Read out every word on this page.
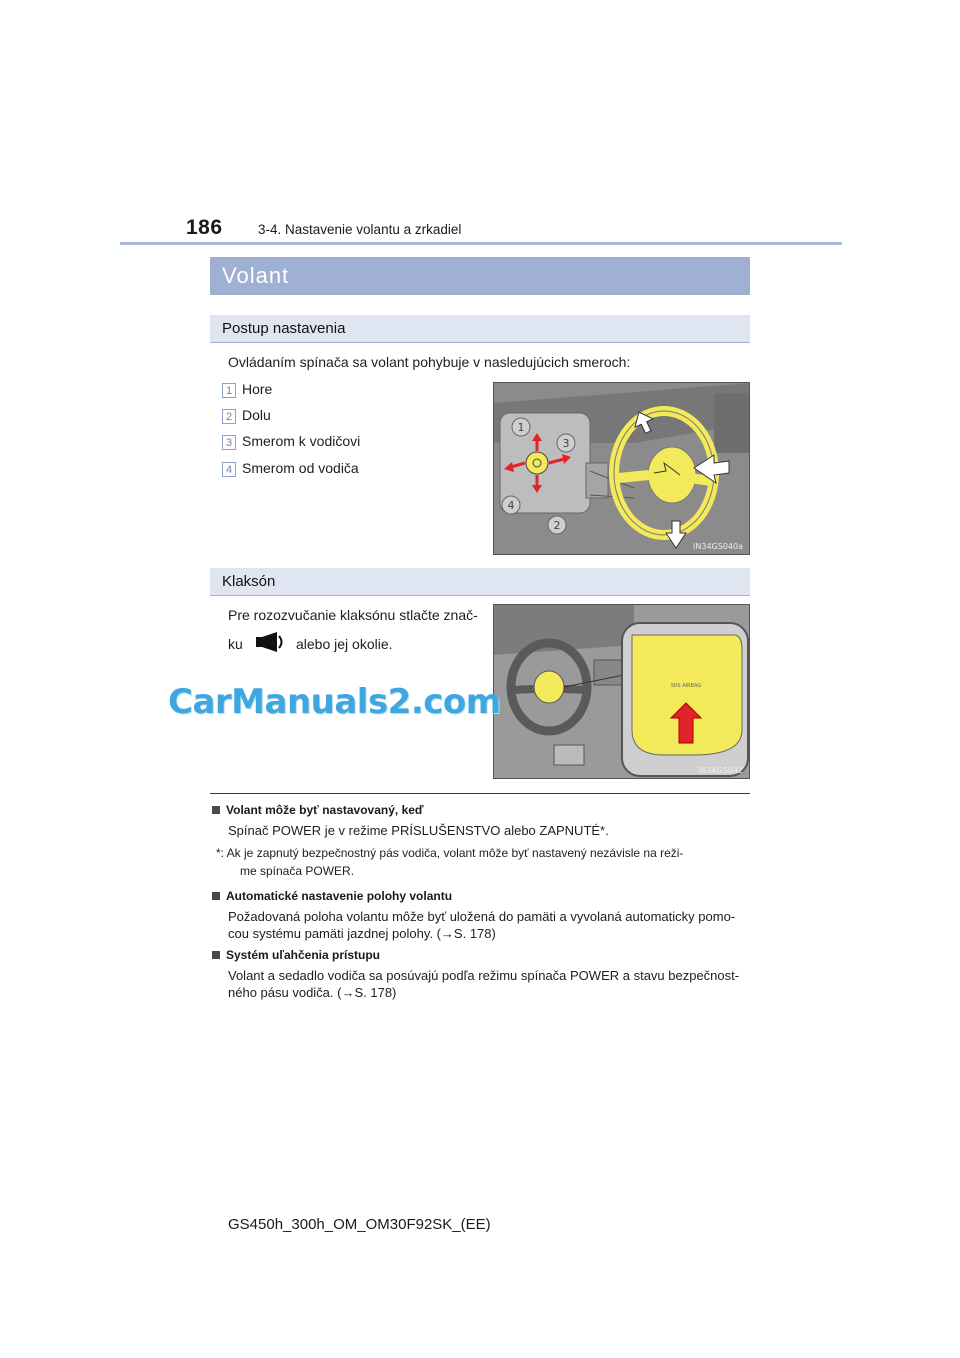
186	3-4. Nastavenie volantu a zrkadiel
Volant
Postup nastavenia
Ovládaním spínača sa volant pohybuje v nasledujúcich smeroch:
1 Hore
2 Dolu
3 Smerom k vodičovi
4 Smerom od vodiča
1
2
3
4
IN34GS040a
Klaksón
Pre rozozvučanie klaksónu stlačte znač-
ku	alebo jej okolie.
SRS AIRBAG
IN34GS042
CarManuals2.com
Volant môže byť nastavovaný, keď
Spínač POWER je v režime PRÍSLUŠENSTVO alebo ZAPNUTÉ*.
*: Ak je zapnutý bezpečnostný pás vodiča, volant môže byť nastavený nezávisle na reži-
me spínača POWER.
Automatické nastavenie polohy volantu
Požadovaná poloha volantu môže byť uložená do pamäti a vyvolaná automaticky pomo-
cou systému pamäti jazdnej polohy. (→S. 178)
Systém uľahčenia prístupu
Volant a sedadlo vodiča sa posúvajú podľa režimu spínača POWER a stavu bezpečnost-
ného pásu vodiča. (→S. 178)
GS450h_300h_OM_OM30F92SK_(EE)
